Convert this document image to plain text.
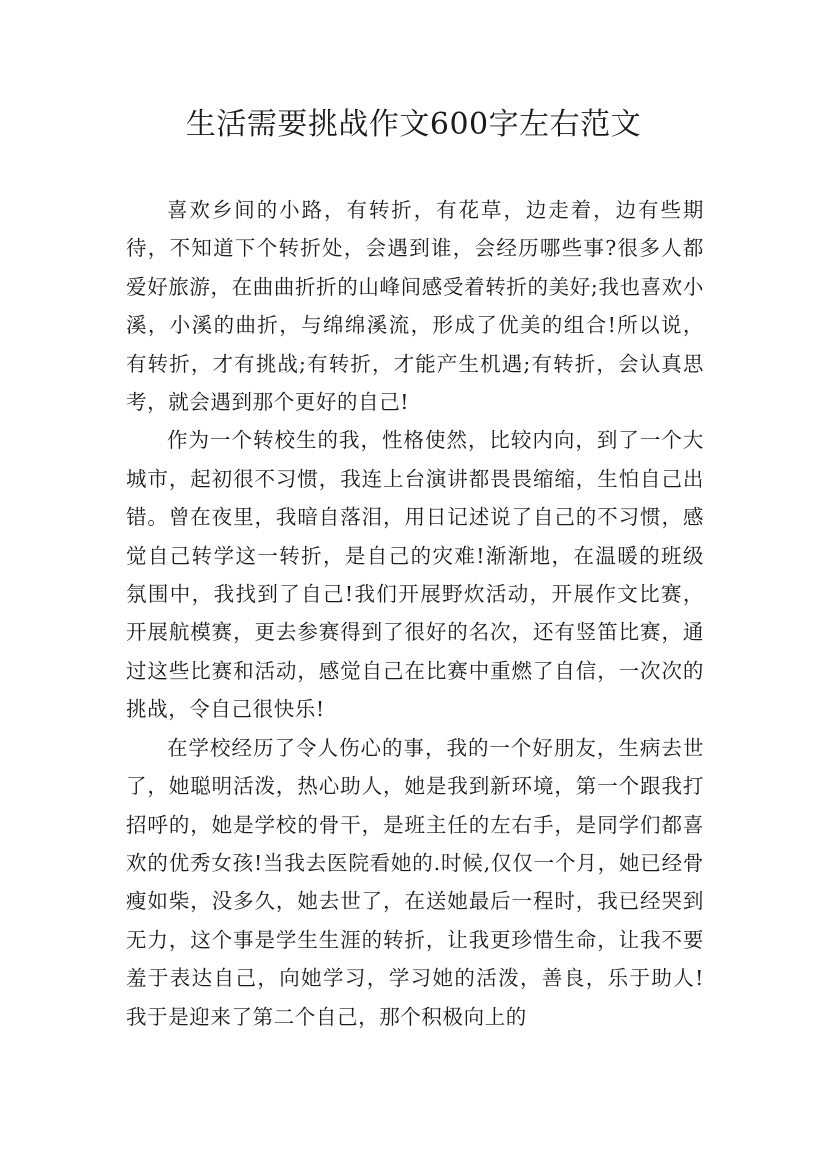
生活需要挑战作文600字左右范文

喜欢乡间的小路，有转折，有花草，边走着，边有些期待，不知道下个转折处，会遇到谁，会经历哪些事?很多人都爱好旅游，在曲曲折折的山峰间感受着转折的美好;我也喜欢小溪，小溪的曲折，与绵绵溪流，形成了优美的组合!所以说，有转折，才有挑战;有转折，才能产生机遇;有转折，会认真思考，就会遇到那个更好的自己!

作为一个转校生的我，性格使然，比较内向，到了一个大城市，起初很不习惯，我连上台演讲都畏畏缩缩，生怕自己出错。曾在夜里，我暗自落泪，用日记述说了自己的不习惯，感觉自己转学这一转折，是自己的灾难!渐渐地，在温暖的班级氛围中，我找到了自己!我们开展野炊活动，开展作文比赛，开展航模赛，更去参赛得到了很好的名次，还有竖笛比赛，通过这些比赛和活动，感觉自己在比赛中重燃了自信，一次次的挑战，令自己很快乐!

在学校经历了令人伤心的事，我的一个好朋友，生病去世了，她聪明活泼，热心助人，她是我到新环境，第一个跟我打招呼的，她是学校的骨干，是班主任的左右手，是同学们都喜欢的优秀女孩!当我去医院看她的.时候,仅仅一个月，她已经骨瘦如柴，没多久，她去世了，在送她最后一程时，我已经哭到无力，这个事是学生生涯的转折，让我更珍惜生命，让我不要羞于表达自己，向她学习，学习她的活泼，善良，乐于助人!我于是迎来了第二个自己，那个积极向上的
